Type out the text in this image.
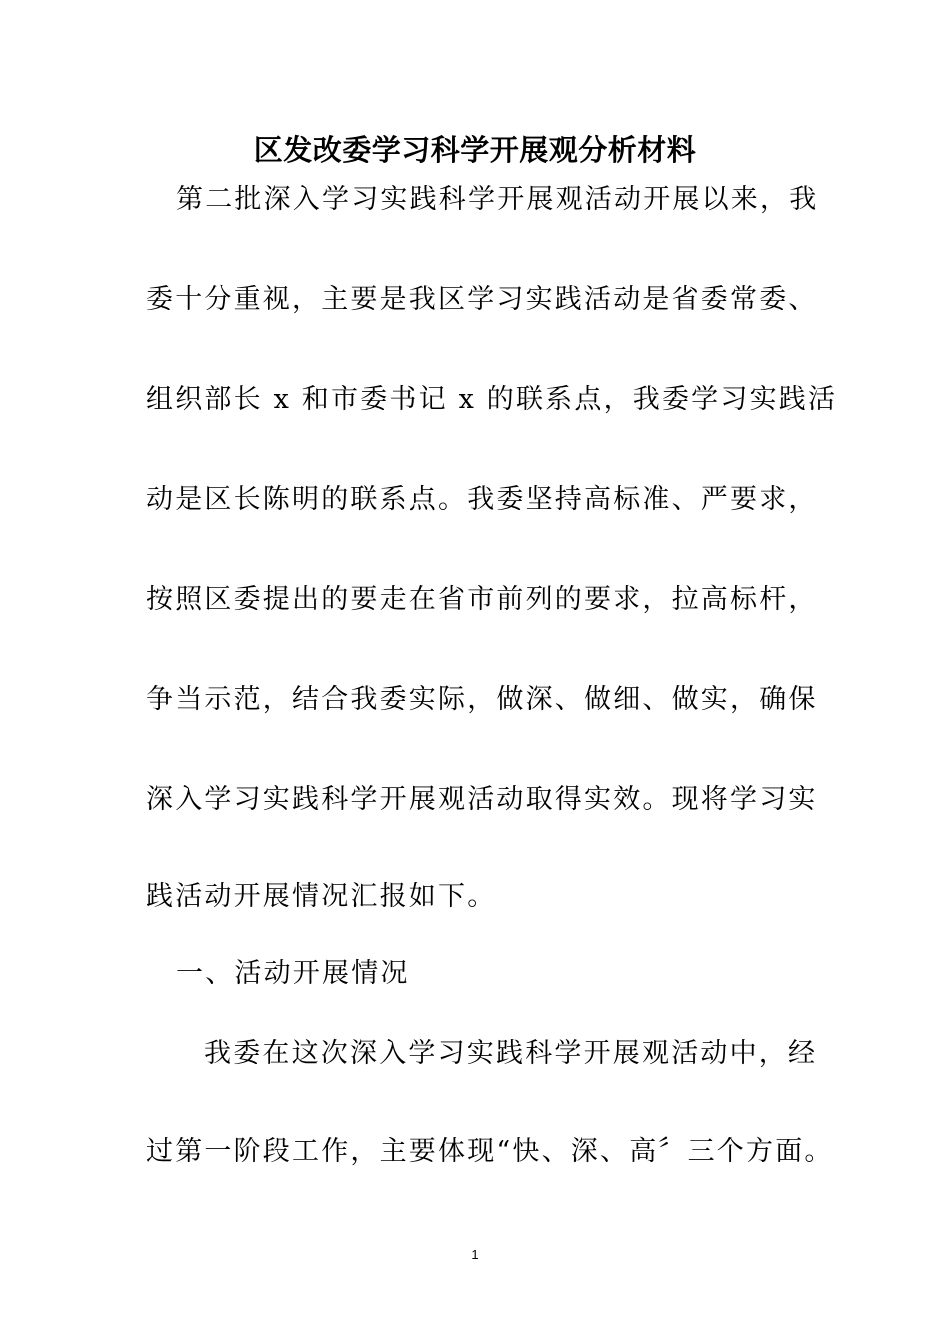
区发改委学习科学开展观分析材料
第二批深入学习实践科学开展观活动开展以来，我
委十分重视，主要是我区学习实践活动是省委常委、
组织部长 x 和市委书记 x 的联系点，我委学习实践活
动是区长陈明的联系点。我委坚持高标准、严要求，
按照区委提出的要走在省市前列的要求，拉高标杆，
争当示范，结合我委实际，做深、做细、做实，确保
深入学习实践科学开展观活动取得实效。现将学习实
践活动开展情况汇报如下。
一、活动开展情况
我委在这次深入学习实践科学开展观活动中，经
过第一阶段工作，主要体现“快、深、高〞三个方面。
1
